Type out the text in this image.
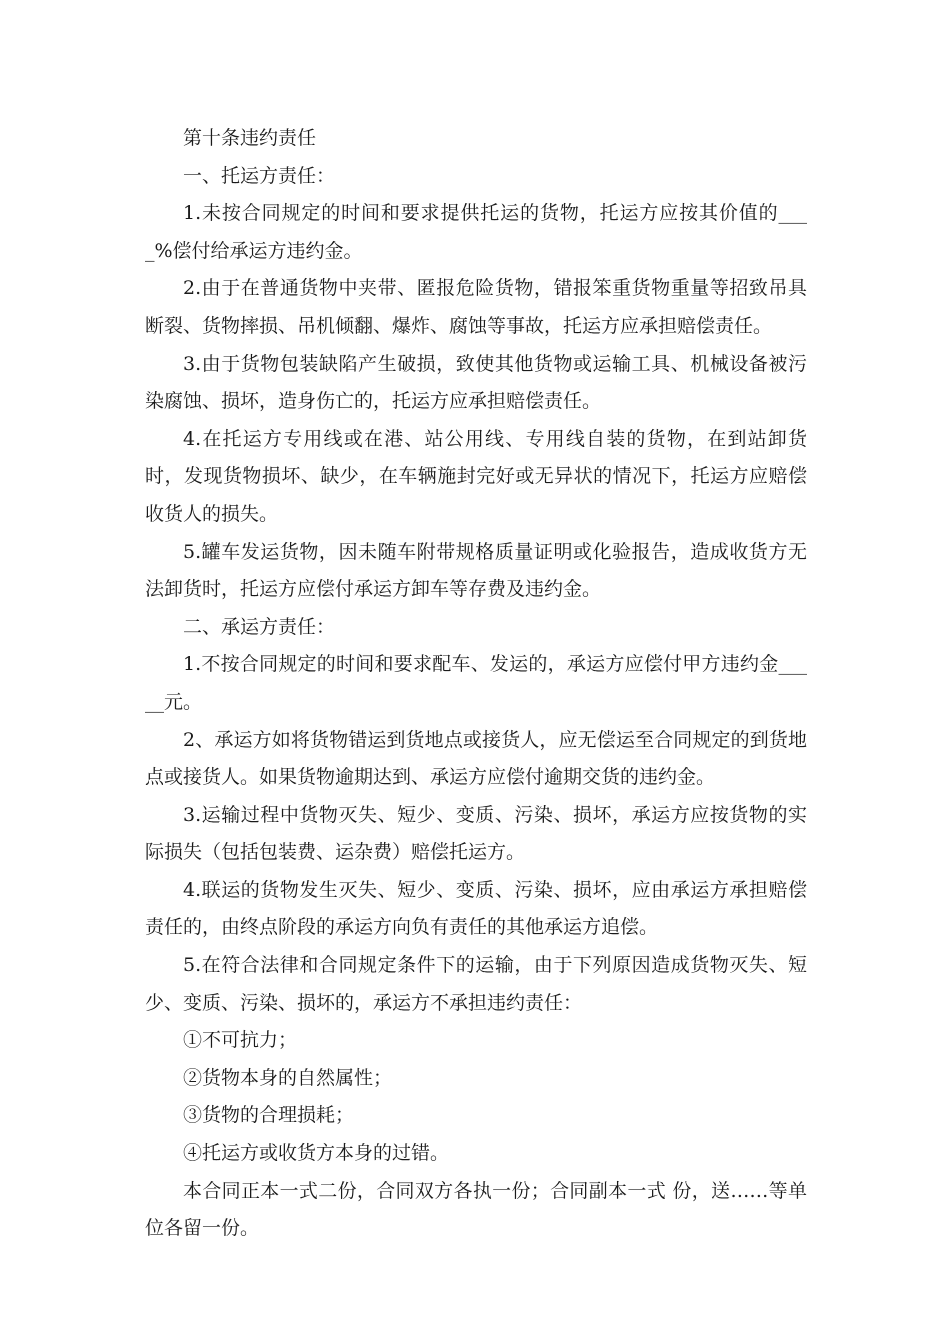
第十条违约责任

一、托运方责任：

1.未按合同规定的时间和要求提供托运的货物，托运方应按其价值的____%偿付给承运方违约金。

2.由于在普通货物中夹带、匿报危险货物，错报笨重货物重量等招致吊具断裂、货物摔损、吊机倾翻、爆炸、腐蚀等事故，托运方应承担赔偿责任。

3.由于货物包装缺陷产生破损，致使其他货物或运输工具、机械设备被污染腐蚀、损坏，造身伤亡的，托运方应承担赔偿责任。

4.在托运方专用线或在港、站公用线、专用线自装的货物，在到站卸货时，发现货物损坏、缺少，在车辆施封完好或无异状的情况下，托运方应赔偿收货人的损失。

5.罐车发运货物，因未随车附带规格质量证明或化验报告，造成收货方无法卸货时，托运方应偿付承运方卸车等存费及违约金。

二、承运方责任：

1.不按合同规定的时间和要求配车、发运的，承运方应偿付甲方违约金_____元。

2、承运方如将货物错运到货地点或接货人，应无偿运至合同规定的到货地点或接货人。如果货物逾期达到、承运方应偿付逾期交货的违约金。

3.运输过程中货物灭失、短少、变质、污染、损坏，承运方应按货物的实际损失（包括包装费、运杂费）赔偿托运方。

4.联运的货物发生灭失、短少、变质、污染、损坏，应由承运方承担赔偿责任的，由终点阶段的承运方向负有责任的其他承运方追偿。

5.在符合法律和合同规定条件下的运输，由于下列原因造成货物灭失、短少、变质、污染、损坏的，承运方不承担违约责任：

①不可抗力；

②货物本身的自然属性；

③货物的合理损耗；

④托运方或收货方本身的过错。

本合同正本一式二份，合同双方各执一份；合同副本一式 份，送……等单位各留一份。
